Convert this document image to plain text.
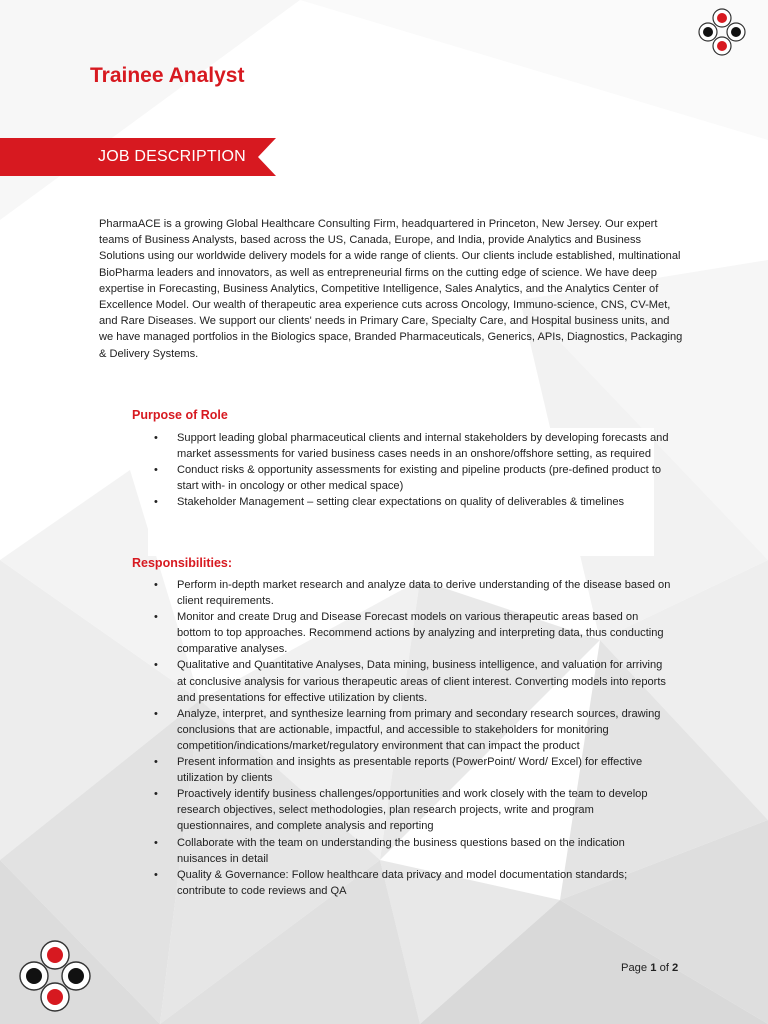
Trainee Analyst
JOB DESCRIPTION

PharmaACE is a growing Global Healthcare Consulting Firm, headquartered in Princeton, New Jersey. Our expert teams of Business Analysts, based across the US, Canada, Europe, and India, provide Analytics and Business Solutions using our worldwide delivery models for a wide range of clients. Our clients include established, multinational BioPharma leaders and innovators, as well as entrepreneurial firms on the cutting edge of science. We have deep expertise in Forecasting, Business Analytics, Competitive Intelligence, Sales Analytics, and the Analytics Center of Excellence Model. Our wealth of therapeutic area experience cuts across Oncology, Immuno-science, CNS, CV-Met, and Rare Diseases. We support our clients' needs in Primary Care, Specialty Care, and Hospital business units, and we have managed portfolios in the Biologics space, Branded Pharmaceuticals, Generics, APIs, Diagnostics, Packaging & Delivery Systems.

Purpose of Role
• Support leading global pharmaceutical clients and internal stakeholders by developing forecasts and market assessments for varied business cases needs in an onshore/offshore setting, as required
• Conduct risks & opportunity assessments for existing and pipeline products (pre-defined product to start with- in oncology or other medical space)
• Stakeholder Management – setting clear expectations on quality of deliverables & timelines
Responsibilities:
• Perform in-depth market research and analyze data to derive understanding of the disease based on client requirements.
• Monitor and create Drug and Disease Forecast models on various therapeutic areas based on bottom to top approaches. Recommend actions by analyzing and interpreting data, thus conducting comparative analyses.
• Qualitative and Quantitative Analyses, Data mining, business intelligence, and valuation for arriving at conclusive analysis for various therapeutic areas of client interest. Converting models into reports and presentations for effective utilization by clients.
• Analyze, interpret, and synthesize learning from primary and secondary research sources, drawing conclusions that are actionable, impactful, and accessible to stakeholders for monitoring competition/indications/market/regulatory environment that can impact the product
• Present information and insights as presentable reports (PowerPoint/ Word/ Excel) for effective utilization by clients
• Proactively identify business challenges/opportunities and work closely with the team to develop research objectives, select methodologies, plan research projects, write and program questionnaires, and complete analysis and reporting
• Collaborate with the team on understanding the business questions based on the indication nuisances in detail
• Quality & Governance: Follow healthcare data privacy and model documentation standards; contribute to code reviews and QA
Page 1 of 2
